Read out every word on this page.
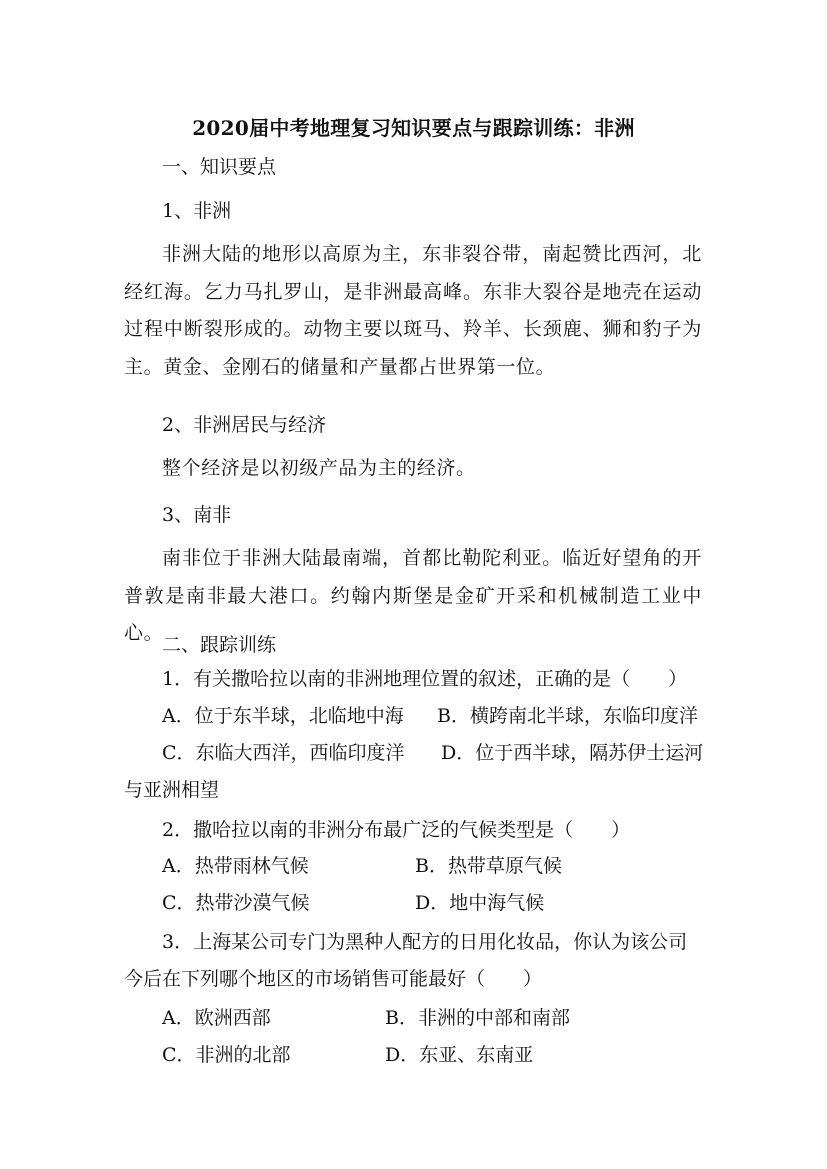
2020届中考地理复习知识要点与跟踪训练：非洲
一、知识要点
1、非洲
非洲大陆的地形以高原为主，东非裂谷带，南起赞比西河，北经红海。乞力马扎罗山，是非洲最高峰。东非大裂谷是地壳在运动过程中断裂形成的。动物主要以斑马、羚羊、长颈鹿、狮和豹子为主。黄金、金刚石的储量和产量都占世界第一位。
2、非洲居民与经济
整个经济是以初级产品为主的经济。
3、南非
南非位于非洲大陆最南端，首都比勒陀利亚。临近好望角的开普敦是南非最大港口。约翰内斯堡是金矿开采和机械制造工业中心。
二、跟踪训练
1．有关撒哈拉以南的非洲地理位置的叙述，正确的是（　　）
A．位于东半球，北临地中海 B．横跨南北半球，东临印度洋
C．东临大西洋，西临印度洋 D．位于西半球，隔苏伊士运河
与亚洲相望
2．撒哈拉以南的非洲分布最广泛的气候类型是（　　）
A．热带雨林气候	B．热带草原气候
C．热带沙漠气候	D．地中海气候
3．上海某公司专门为黑种人配方的日用化妆品，你认为该公司
今后在下列哪个地区的市场销售可能最好（　　）
A．欧洲西部	B．非洲的中部和南部
C．非洲的北部	D．东亚、东南亚
